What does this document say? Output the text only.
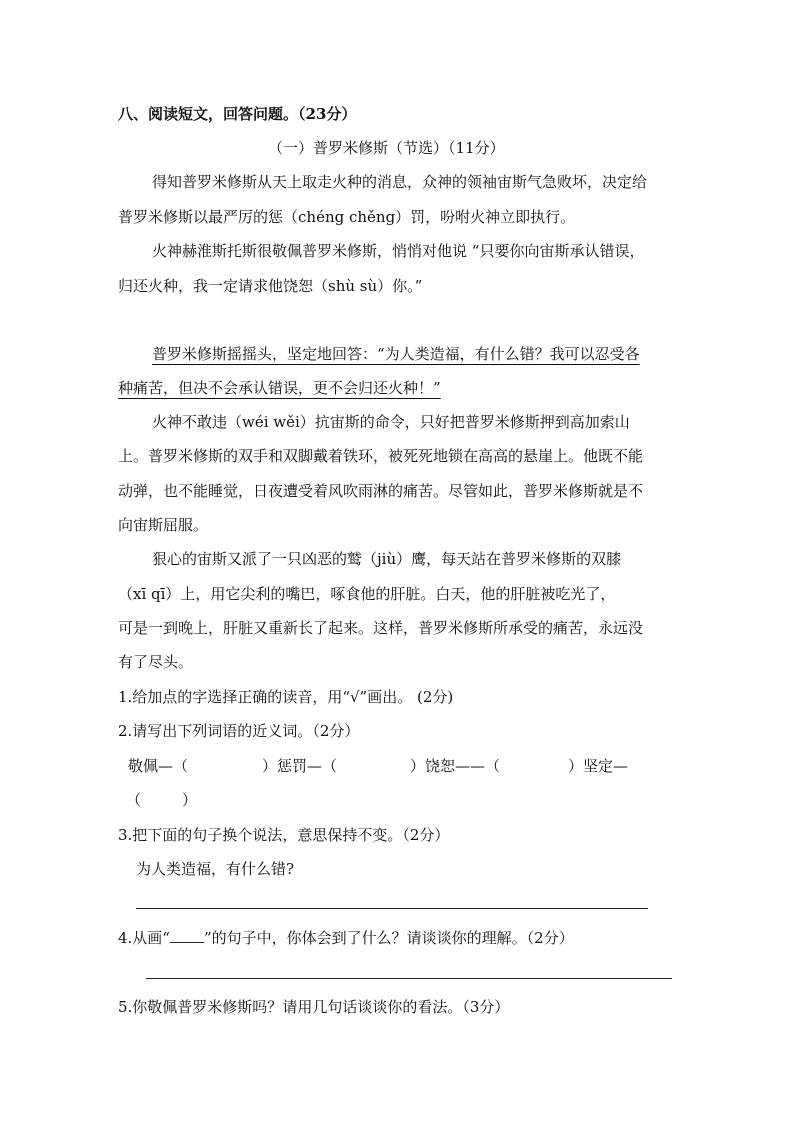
八、阅读短文，回答问题。（23分）
（一）普罗米修斯（节选）（11分）
得知普罗米修斯从天上取走火种的消息，众神的领袖宙斯气急败坏，决定给
普罗米修斯以最严厉的惩（chéng chěng）罚，吩咐火神立即执行。
火神赫淮斯托斯很敬佩普罗米修斯，悄悄对他说 “只要你向宙斯承认错误，
归还火种，我一定请求他饶恕（shù sù）你。”
普罗米修斯摇摇头，坚定地回答：“为人类造福，有什么错？我可以忍受各
种痛苦，但决不会承认错误，更不会归还火种！”
火神不敢违（wéi wěi）抗宙斯的命令，只好把普罗米修斯押到高加索山
上。普罗米修斯的双手和双脚戴着铁环，被死死地锁在高高的悬崖上。他既不能
动弹，也不能睡觉，日夜遭受着风吹雨淋的痛苦。尽管如此，普罗米修斯就是不
向宙斯屈服。
狠心的宙斯又派了一只凶恶的鹫（jiù）鹰，每天站在普罗米修斯的双膝
（xī qī）上，用它尖利的嘴巴，啄食他的肝脏。白天，他的肝脏被吃光了，
可是一到晚上，肝脏又重新长了起来。这样，普罗米修斯所承受的痛苦，永远没
有了尽头。
1.给加点的字选择正确的读音，用“√”画出。 (2分)
2.请写出下列词语的近义词。（2分）
敬佩—（	）惩罚—（	）饶恕——（	）坚定—
（	）
3.把下面的句子换个说法，意思保持不变。（2分）
为人类造福，有什么错?
4.从画“ ”的句子中，你体会到了什么？请谈谈你的理解。（2分）
5.你敬佩普罗米修斯吗？请用几句话谈谈你的看法。（3分）
